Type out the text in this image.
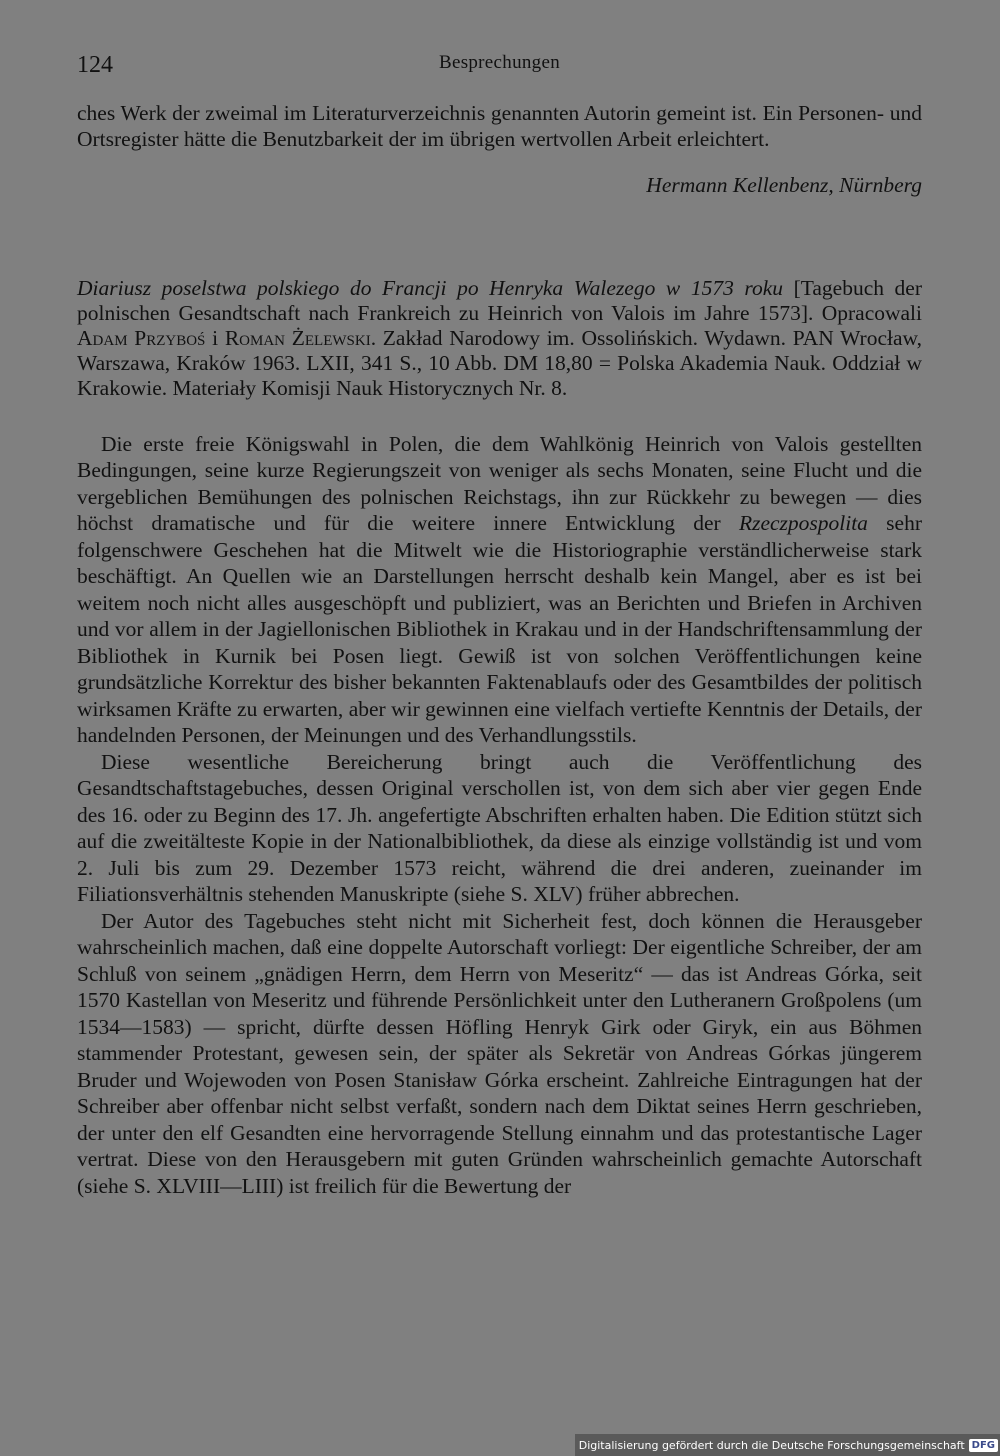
124	Besprechungen

ches Werk der zweimal im Literaturverzeichnis genannten Autorin gemeint ist. Ein Personen- und Ortsregister hätte die Benutzbarkeit der im übrigen wertvollen Arbeit erleichtert.

Hermann Kellenbenz, Nürnberg

Diariusz poselstwa polskiego do Francji po Henryka Walezego w 1573 roku [Tagebuch der polnischen Gesandtschaft nach Frankreich zu Heinrich von Valois im Jahre 1573]. Opracowali Adam Przyboś i Roman Żelewski. Zakład Narodowy im. Ossolińskich. Wydawn. PAN Wrocław, Warszawa, Kraków 1963. LXII, 341 S., 10 Abb. DM 18,80 = Polska Akademia Nauk. Oddział w Krakowie. Materiały Komisji Nauk Historycznych Nr. 8.

Die erste freie Königswahl in Polen, die dem Wahlkönig Heinrich von Valois gestellten Bedingungen, seine kurze Regierungszeit von weniger als sechs Monaten, seine Flucht und die vergeblichen Bemühungen des polnischen Reichstags, ihn zur Rückkehr zu bewegen — dies höchst dramatische und für die weitere innere Entwicklung der Rzeczpospolita sehr folgenschwere Geschehen hat die Mitwelt wie die Historiographie verständlicherweise stark beschäftigt. An Quellen wie an Darstellungen herrscht deshalb kein Mangel, aber es ist bei weitem noch nicht alles ausgeschöpft und publiziert, was an Berichten und Briefen in Archiven und vor allem in der Jagiellonischen Bibliothek in Krakau und in der Handschriftensammlung der Bibliothek in Kurnik bei Posen liegt. Gewiß ist von solchen Veröffentlichungen keine grundsätzliche Korrektur des bisher bekannten Faktenablaufs oder des Gesamtbildes der politisch wirksamen Kräfte zu erwarten, aber wir gewinnen eine vielfach vertiefte Kenntnis der Details, der handelnden Personen, der Meinungen und des Verhandlungsstils.

Diese wesentliche Bereicherung bringt auch die Veröffentlichung des Gesandtschaftstagebuches, dessen Original verschollen ist, von dem sich aber vier gegen Ende des 16. oder zu Beginn des 17. Jh. angefertigte Abschriften erhalten haben. Die Edition stützt sich auf die zweitälteste Kopie in der Nationalbibliothek, da diese als einzige vollständig ist und vom 2. Juli bis zum 29. Dezember 1573 reicht, während die drei anderen, zueinander im Filiationsverhältnis stehenden Manuskripte (siehe S. XLV) früher abbrechen.

Der Autor des Tagebuches steht nicht mit Sicherheit fest, doch können die Herausgeber wahrscheinlich machen, daß eine doppelte Autorschaft vorliegt: Der eigentliche Schreiber, der am Schluß von seinem „gnädigen Herrn, dem Herrn von Meseritz“ — das ist Andreas Górka, seit 1570 Kastellan von Meseritz und führende Persönlichkeit unter den Lutheranern Großpolens (um 1534—1583) — spricht, dürfte dessen Höfling Henryk Girk oder Giryk, ein aus Böhmen stammender Protestant, gewesen sein, der später als Sekretär von Andreas Górkas jüngerem Bruder und Wojewoden von Posen Stanisław Górka erscheint. Zahlreiche Eintragungen hat der Schreiber aber offenbar nicht selbst verfaßt, sondern nach dem Diktat seines Herrn geschrieben, der unter den elf Gesandten eine hervorragende Stellung einnahm und das protestantische Lager vertrat. Diese von den Herausgebern mit guten Gründen wahrscheinlich gemachte Autorschaft (siehe S. XLVIII—LIII) ist freilich für die Bewertung der

Digitalisierung gefördert durch die Deutsche Forschungsgemeinschaft DFG
